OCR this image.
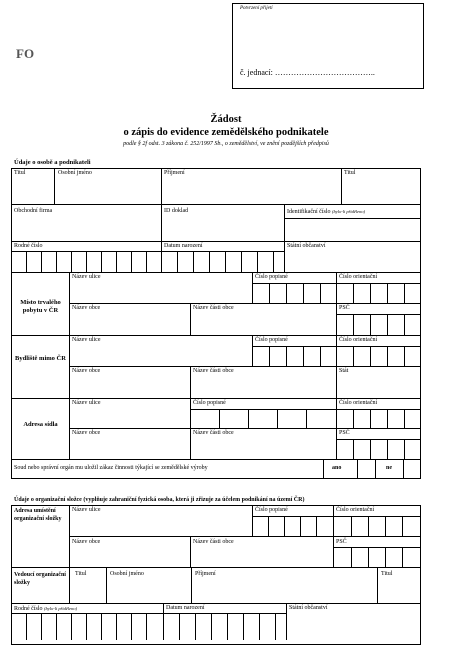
Potvrzení přijetí
č. jednací: ………………………………..
FO
Žádost
o zápis do evidence zemědělského podnikatele
podle § 2f odst. 3 zákona č. 252/1997 Sb., o zemědělství, ve znění pozdějších předpisů
Údaje o osobě a podnikateli
Titul	Osobní jméno	Příjmení	Titul
Obchodní firma	ID doklad	Identifikační číslo (bylo-li přiděleno)
Rodné číslo	Datum narození	Státní občanství
Místo trvalého pobytu v ČR
Název ulice	Číslo popisné	Číslo orientační
Název obce	Název části obce	PSČ
Bydliště mimo ČR
Název ulice	Číslo popisné	Číslo orientační
Název obce	Název části obce	Stát
Adresa sídla
Název ulice	Číslo popisné	Číslo orientační
Název obce	Název části obce	PSČ
Soud nebo správní orgán mu uložil zákaz činnosti týkající se zemědělské výroby	ano	ne
Údaje o organizační složce (vyplňuje zahraniční fyzická osoba, která ji zřizuje za účelem podnikání na území ČR)
Adresa umístění organizační složky
Název ulice	Číslo popisné	Číslo orientační
Název obce	Název části obce	PSČ
Vedoucí organizační složky
Titul	Osobní jméno	Příjmení	Titul
Rodné číslo (bylo-li přiděleno)	Datum narození	Státní občanství
